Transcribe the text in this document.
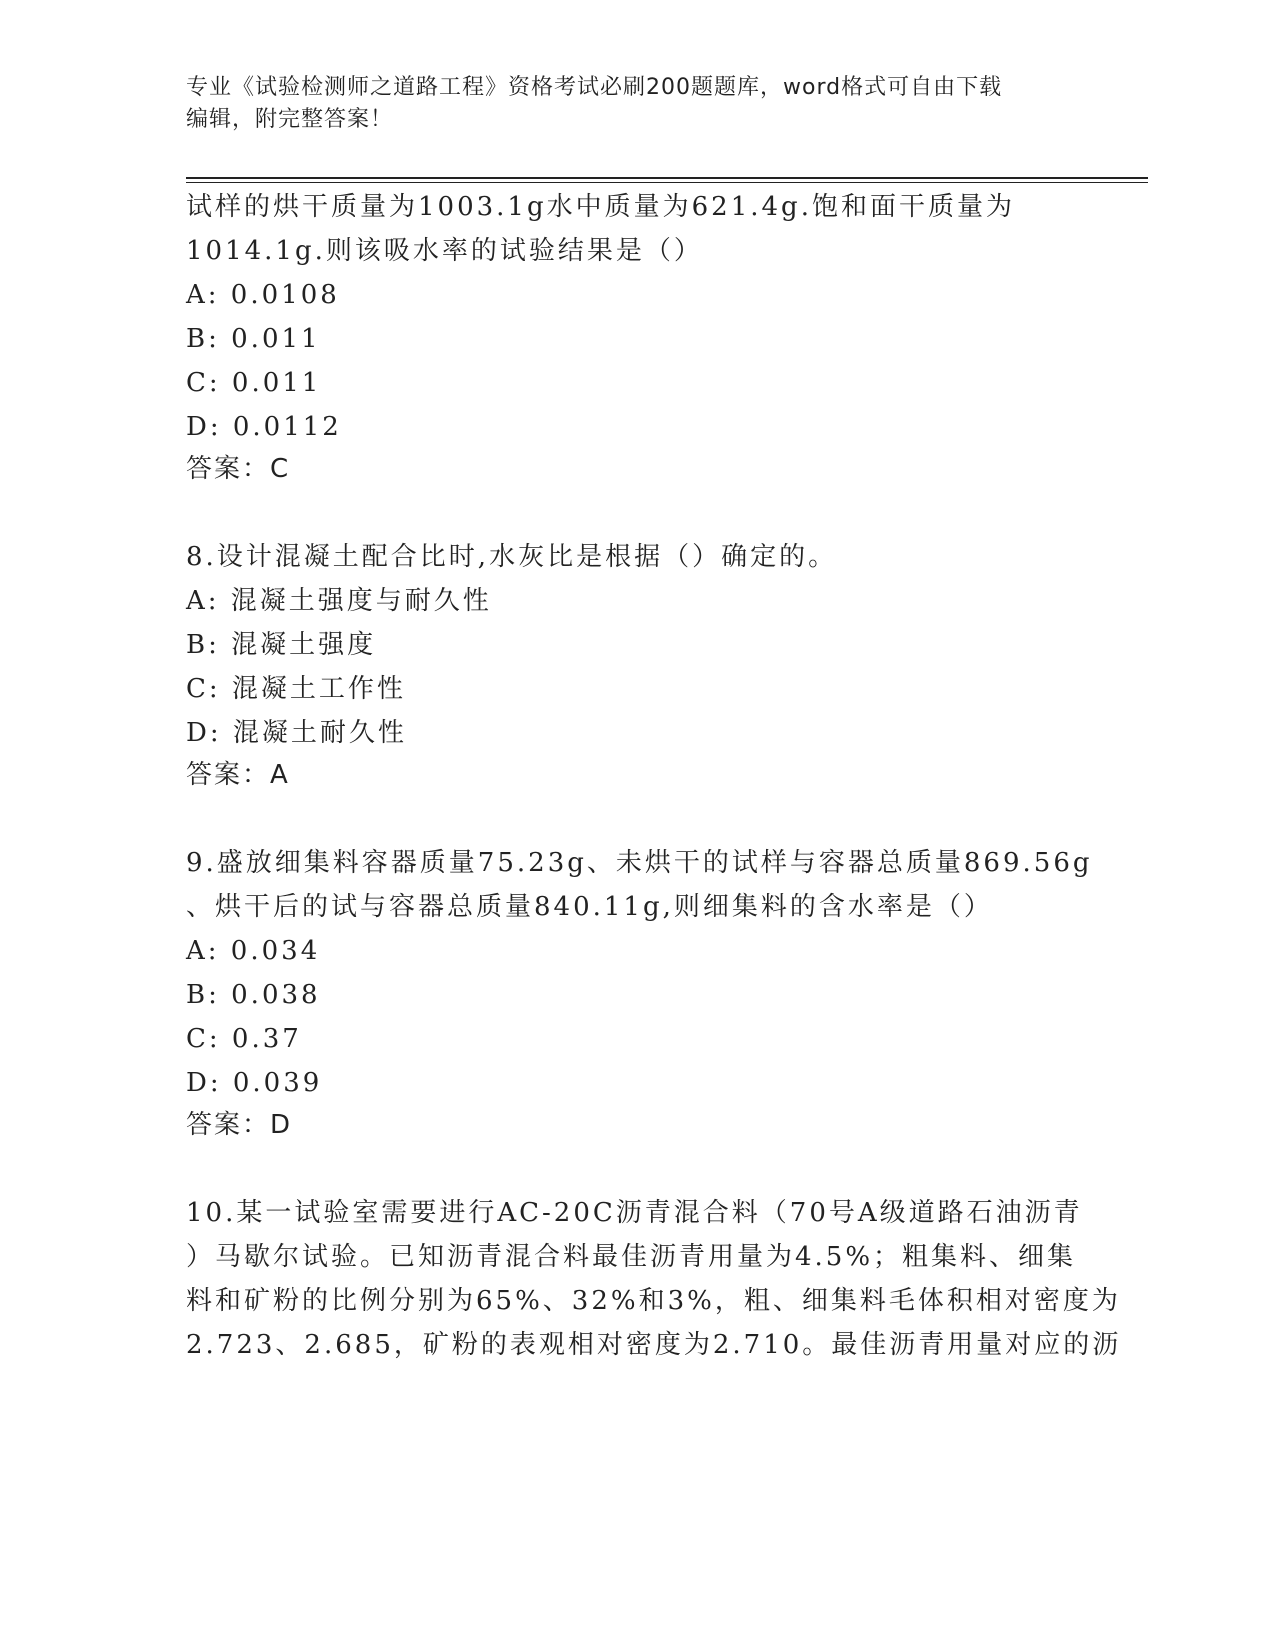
专业《试验检测师之道路工程》资格考试必刷200题题库，word格式可自由下载
编辑，附完整答案！
试样的烘干质量为1003.1g水中质量为621.4g.饱和面干质量为
1014.1g.则该吸水率的试验结果是（）
A: 0.0108
B: 0.011
C: 0.011
D: 0.0112
答案：C
8.设计混凝土配合比时,水灰比是根据（）确定的。
A: 混凝土强度与耐久性
B: 混凝土强度
C: 混凝土工作性
D: 混凝土耐久性
答案：A
9.盛放细集料容器质量75.23g、未烘干的试样与容器总质量869.56g
、烘干后的试与容器总质量840.11g,则细集料的含水率是（）
A: 0.034
B: 0.038
C: 0.37
D: 0.039
答案：D
10.某一试验室需要进行AC-20C沥青混合料（70号A级道路石油沥青
）马歇尔试验。已知沥青混合料最佳沥青用量为4.5%；粗集料、细集
料和矿粉的比例分别为65%、32%和3%，粗、细集料毛体积相对密度为
2.723、2.685，矿粉的表观相对密度为2.710。最佳沥青用量对应的沥
